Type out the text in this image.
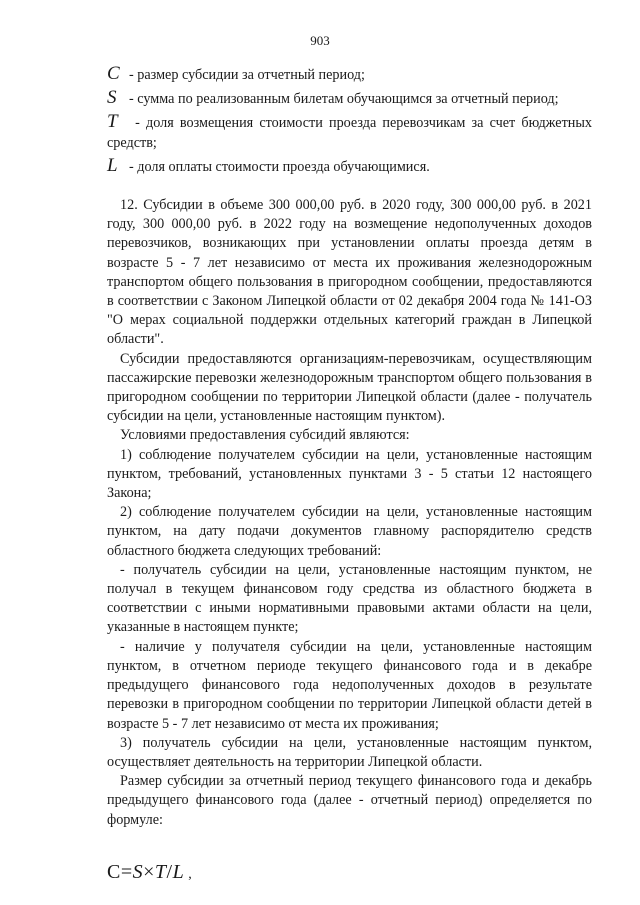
903

C - размер субсидии за отчетный период;

S - сумма по реализованным билетам обучающимся за отчетный период;

T - доля возмещения стоимости проезда перевозчикам за счет бюджетных средств;

L - доля оплаты стоимости проезда обучающимися.

12. Субсидии в объеме 300 000,00 руб. в 2020 году, 300 000,00 руб. в 2021 году, 300 000,00 руб. в 2022 году на возмещение недополученных доходов перевозчиков, возникающих при установлении оплаты проезда детям в возрасте 5 - 7 лет независимо от места их проживания железнодорожным транспортом общего пользования в пригородном сообщении, предоставляются в соответствии с Законом Липецкой области от 02 декабря 2004 года № 141-ОЗ "О мерах социальной поддержки отдельных категорий граждан в Липецкой области".

Субсидии предоставляются организациям-перевозчикам, осуществляющим пассажирские перевозки железнодорожным транспортом общего пользования в пригородном сообщении по территории Липецкой области (далее - получатель субсидии на цели, установленные настоящим пунктом).

Условиями предоставления субсидий являются:

1) соблюдение получателем субсидии на цели, установленные настоящим пунктом, требований, установленных пунктами 3 - 5 статьи 12 настоящего Закона;

2) соблюдение получателем субсидии на цели, установленные настоящим пунктом, на дату подачи документов главному распорядителю средств областного бюджета следующих требований:

- получатель субсидии на цели, установленные настоящим пунктом, не получал в текущем финансовом году средства из областного бюджета в соответствии с иными нормативными правовыми актами области на цели, указанные в настоящем пункте;

- наличие у получателя субсидии на цели, установленные настоящим пунктом, в отчетном периоде текущего финансового года и в декабре предыдущего финансового года недополученных доходов в результате перевозки в пригородном сообщении по территории Липецкой области детей в возрасте 5 - 7 лет независимо от места их проживания;

3) получатель субсидии на цели, установленные настоящим пунктом, осуществляет деятельность на территории Липецкой области.

Размер субсидии за отчетный период текущего финансового года и декабрь предыдущего финансового года (далее - отчетный период) определяется по формуле:

C=S×T/L ,
